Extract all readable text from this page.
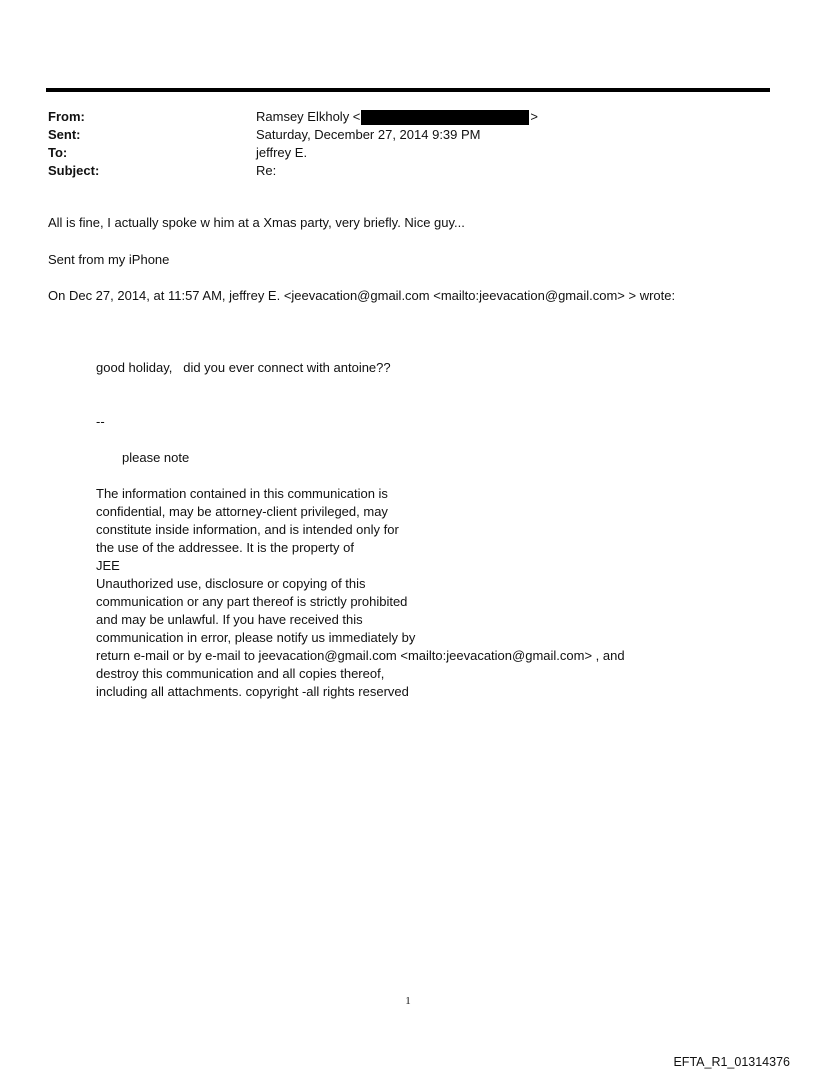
From:	Ramsey Elkholy <	>
Sent:	Saturday, December 27, 2014 9:39 PM
To:	jeffrey E.
Subject:	Re:
All is fine, I actually spoke w him at a Xmas party, very briefly. Nice guy...
Sent from my iPhone
On Dec 27, 2014, at 11:57 AM, jeffrey E. <jeevacation@gmail.com <mailto:jeevacation@gmail.com> > wrote:
good holiday,   did you ever connect with antoine??
--
please note
The information contained in this communication is
confidential, may be attorney-client privileged, may
constitute inside information, and is intended only for
the use of the addressee. It is the property of
JEE
Unauthorized use, disclosure or copying of this
communication or any part thereof is strictly prohibited
and may be unlawful. If you have received this
communication in error, please notify us immediately by
return e-mail or by e-mail to jeevacation@gmail.com <mailto:jeevacation@gmail.com> , and
destroy this communication and all copies thereof,
including all attachments. copyright -all rights reserved
1
EFTA_R1_01314376
